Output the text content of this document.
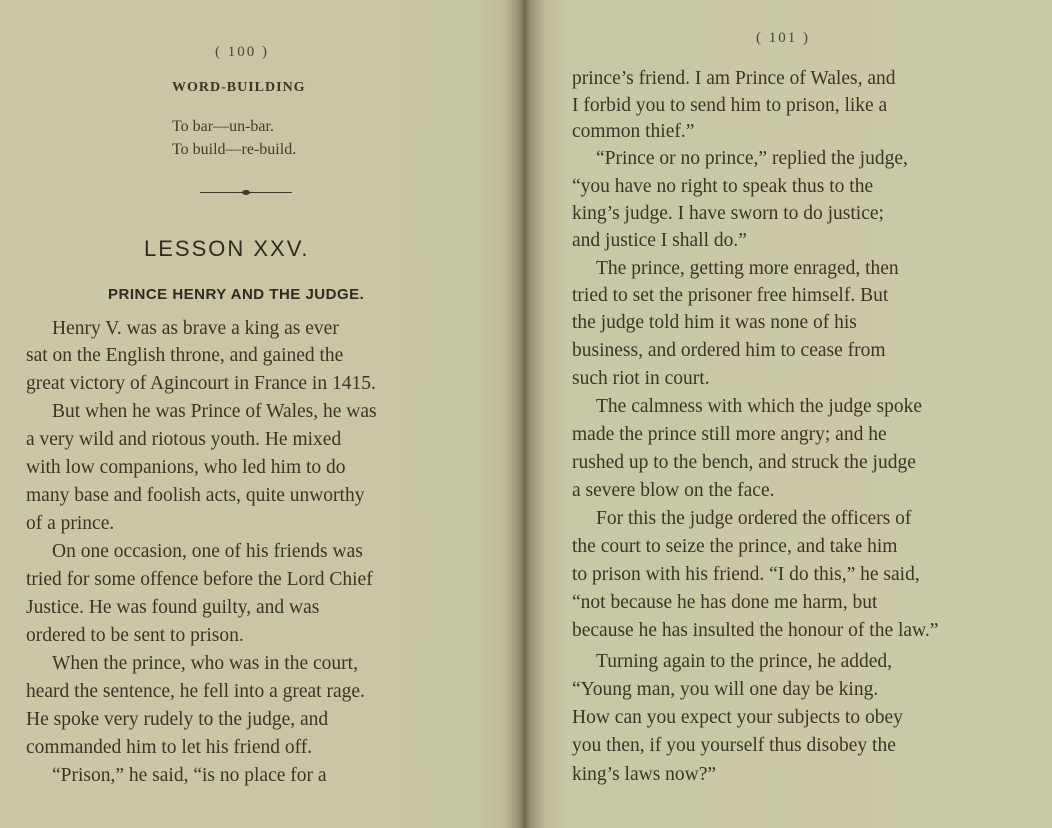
( 100 )
WORD-BUILDING
To bar—un-bar.
To build—re-build.
LESSON XXV.
PRINCE HENRY AND THE JUDGE.
Henry V. was as brave a king as ever
sat on the English throne, and gained the
great victory of Agincourt in France in 1415.
But when he was Prince of Wales, he was
a very wild and riotous youth. He mixed
with low companions, who led him to do
many base and foolish acts, quite unworthy
of a prince.
On one occasion, one of his friends was
tried for some offence before the Lord Chief
Justice. He was found guilty, and was
ordered to be sent to prison.
When the prince, who was in the court,
heard the sentence, he fell into a great rage.
He spoke very rudely to the judge, and
commanded him to let his friend off.
“Prison,” he said, “is no place for a
( 101 )
prince’s friend. I am Prince of Wales, and
I forbid you to send him to prison, like a
common thief.”
“Prince or no prince,” replied the judge,
“you have no right to speak thus to the
king’s judge. I have sworn to do justice;
and justice I shall do.”
The prince, getting more enraged, then
tried to set the prisoner free himself. But
the judge told him it was none of his
business, and ordered him to cease from
such riot in court.
The calmness with which the judge spoke
made the prince still more angry; and he
rushed up to the bench, and struck the judge
a severe blow on the face.
For this the judge ordered the officers of
the court to seize the prince, and take him
to prison with his friend. “I do this,” he said,
“not because he has done me harm, but
because he has insulted the honour of the law.”
Turning again to the prince, he added,
“Young man, you will one day be king.
How can you expect your subjects to obey
you then, if you yourself thus disobey the
king’s laws now?”
